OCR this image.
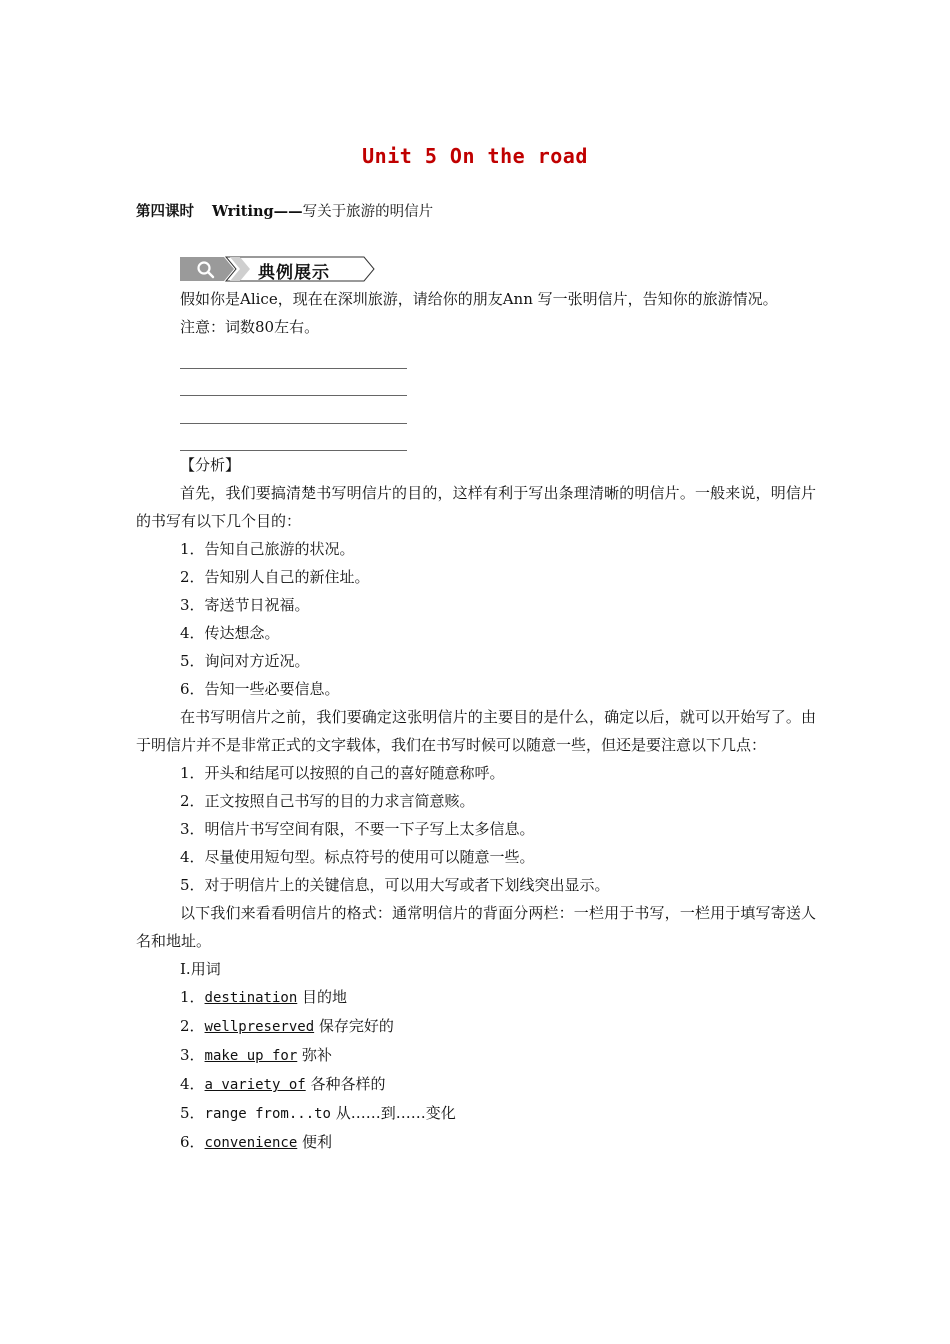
Unit 5 On the road
第四课时 Writing——写关于旅游的明信片
典例展示

假如你是Alice，现在在深圳旅游，请给你的朋友Ann 写一张明信片，告知你的旅游情况。

注意：词数80左右。

【分析】

首先，我们要搞清楚书写明信片的目的，这样有利于写出条理清晰的明信片。一般来说，明信片的书写有以下几个目的：

1．告知自己旅游的状况。

2．告知别人自己的新住址。

3．寄送节日祝福。

4．传达想念。

5．询问对方近况。

6．告知一些必要信息。

在书写明信片之前，我们要确定这张明信片的主要目的是什么，确定以后，就可以开始写了。由于明信片并不是非常正式的文字载体，我们在书写时候可以随意一些，但还是要注意以下几点：

1．开头和结尾可以按照的自己的喜好随意称呼。

2．正文按照自己书写的目的力求言简意赅。

3．明信片书写空间有限，不要一下子写上太多信息。

4．尽量使用短句型。标点符号的使用可以随意一些。

5．对于明信片上的关键信息，可以用大写或者下划线突出显示。

以下我们来看看明信片的格式：通常明信片的背面分两栏：一栏用于书写，一栏用于填写寄送人名和地址。

Ⅰ.用词

1．destination 目的地

2．wellpreserved 保存完好的

3．make up for 弥补

4．a variety of 各种各样的

5．range from...to 从……到……变化

6．convenience 便利
